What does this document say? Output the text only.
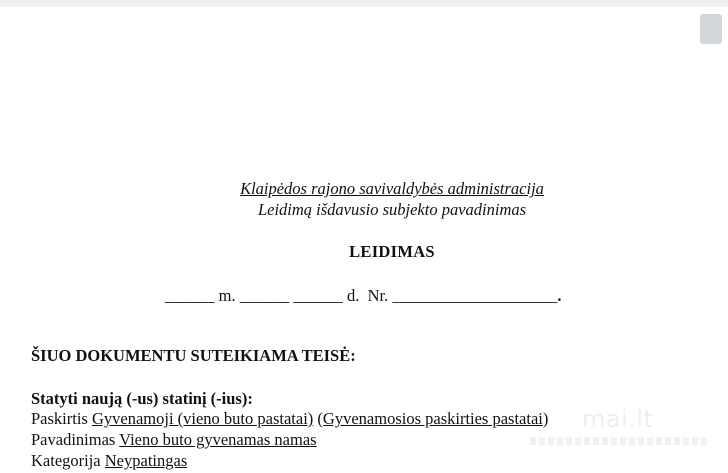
Klaipėdos rajono savivaldybės administracija
Leidimą išdavusio subjekto pavadinimas
LEIDIMAS
______ m. ______ ______ d.  Nr. ____________________.
ŠIUO DOKUMENTU SUTEIKIAMA TEISĖ:
Statyti naują (-us) statinį (-ius):
Paskirtis Gyvenamoji (vieno buto pastatai) (Gyvenamosios paskirties pastatai)
Pavadinimas Vieno buto gyvenamas namas
Kategorija Neypatingas
mai.lt
